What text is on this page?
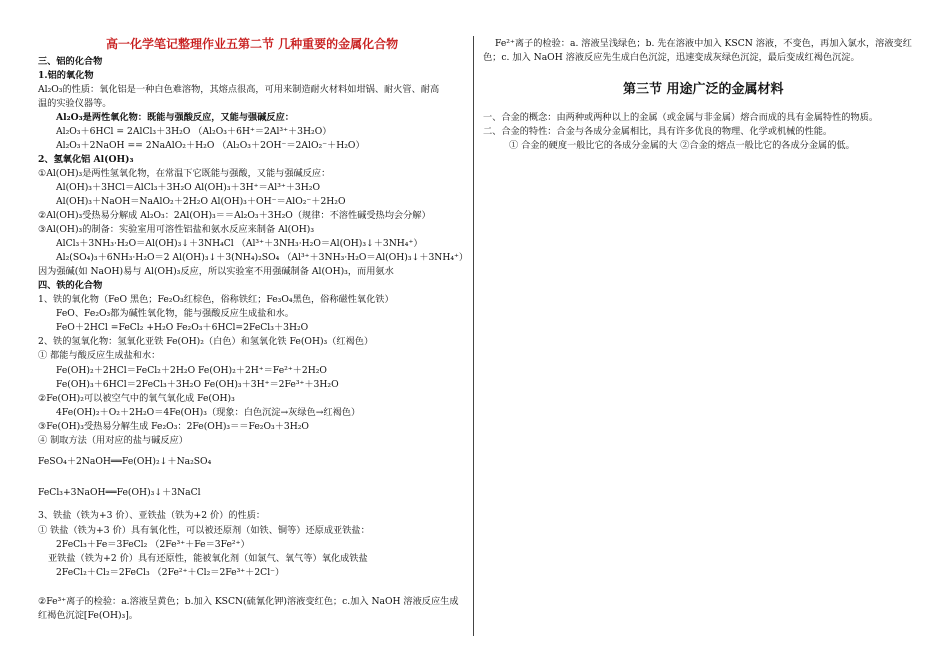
高一化学笔记整理作业五第二节 几种重要的金属化合物
三、铝的化合物
1.铝的氧化物
Al₂O₃的性质：氧化铝是一种白色难溶物，其熔点很高，可用来制造耐火材料如坩锅、耐火管、耐高
温的实验仪器等。
Al₂O₃是两性氧化物：既能与强酸反应，又能与强碱反应：
Al₂O₃＋6HCl = 2AlCl₃＋3H₂O （Al₂O₃＋6H⁺＝2Al³⁺＋3H₂O）
Al₂O₃＋2NaOH == 2NaAlO₂＋H₂O （Al₂O₃＋2OH⁻＝2AlO₂⁻＋H₂O）
2、氢氧化铝 Al(OH)₃
①Al(OH)₃是两性氢氧化物，在常温下它既能与强酸，又能与强碱反应：
Al(OH)₃＋3HCl＝AlCl₃＋3H₂O Al(OH)₃＋3H⁺＝Al³⁺＋3H₂O
Al(OH)₃＋NaOH＝NaAlO₂＋2H₂O Al(OH)₃＋OH⁻＝AlO₂⁻＋2H₂O
②Al(OH)₃受热易分解成 Al₂O₃：2Al(OH)₃＝＝Al₂O₃＋3H₂O（规律：不溶性碱受热均会分解）
③Al(OH)₃的制备：实验室用可溶性铝盐和氨水反应来制备 Al(OH)₃
AlCl₃＋3NH₃·H₂O＝Al(OH)₃↓＋3NH₄Cl （Al³⁺＋3NH₃·H₂O＝Al(OH)₃↓＋3NH₄⁺）
Al₂(SO₄)₃＋6NH₃·H₂O＝2 Al(OH)₃↓＋3(NH₄)₂SO₄ （Al³⁺＋3NH₃·H₂O＝Al(OH)₃↓＋3NH₄⁺）
因为强碱(如 NaOH)易与 Al(OH)₃反应，所以实验室不用强碱制备 Al(OH)₃，而用氨水
四、铁的化合物
1、铁的氧化物（FeO 黑色；Fe₂O₃红棕色，俗称铁红；Fe₃O₄黑色，俗称磁性氧化铁）
FeO、Fe₂O₃都为碱性氧化物，能与强酸反应生成盐和水。
FeO＋2HCl =FeCl₂ +H₂O Fe₂O₃＋6HCl=2FeCl₃＋3H₂O
2、铁的氢氧化物：氢氧化亚铁 Fe(OH)₂（白色）和氢氧化铁 Fe(OH)₃（红褐色）
① 都能与酸反应生成盐和水：
Fe(OH)₂＋2HCl＝FeCl₂＋2H₂O Fe(OH)₂＋2H⁺＝Fe²⁺＋2H₂O
Fe(OH)₃＋6HCl＝2FeCl₃＋3H₂O Fe(OH)₃＋3H⁺＝2Fe³⁺＋3H₂O
②Fe(OH)₂可以被空气中的氧气氧化成 Fe(OH)₃
4Fe(OH)₂＋O₂＋2H₂O＝4Fe(OH)₃（现象：白色沉淀→灰绿色→红褐色）
③Fe(OH)₃受热易分解生成 Fe₂O₃：2Fe(OH)₃＝＝Fe₂O₃＋3H₂O
④ 制取方法（用对应的盐与碱反应）
FeSO₄＋2NaOH══Fe(OH)₂↓＋Na₂SO₄
FeCl₃+3NaOH══Fe(OH)₃↓＋3NaCl
3、铁盐（铁为+3 价）、亚铁盐（铁为+2 价）的性质：
① 铁盐（铁为+3 价）具有氧化性，可以被还原剂（如铁、铜等）还原成亚铁盐：
2FeCl₃＋Fe＝3FeCl₂ （2Fe³⁺＋Fe＝3Fe²⁺）
亚铁盐（铁为+2 价）具有还原性，能被氧化剂（如氯气、氧气等）氧化成铁盐
2FeCl₂＋Cl₂＝2FeCl₃ （2Fe²⁺＋Cl₂＝2Fe³⁺＋2Cl⁻）
②Fe³⁺离子的检验：a.溶液呈黄色；b.加入 KSCN(硫氰化钾)溶液变红色；c.加入 NaOH 溶液反应生成
红褐色沉淀[Fe(OH)₃]。
Fe²⁺离子的检验：a. 溶液呈浅绿色；b. 先在溶液中加入 KSCN 溶液，不变色，再加入氯水，溶液变红
色；c. 加入 NaOH 溶液反应先生成白色沉淀，迅速变成灰绿色沉淀，最后变成红褐色沉淀。
第三节 用途广泛的金属材料
一、合金的概念：由两种或两种以上的金属（或金属与非金属）熔合而成的具有金属特性的物质。
二、合金的特性：合金与各成分金属相比，具有许多优良的物理、化学或机械的性能。
① 合金的硬度一般比它的各成分金属的大 ②合金的熔点一般比它的各成分金属的低。
